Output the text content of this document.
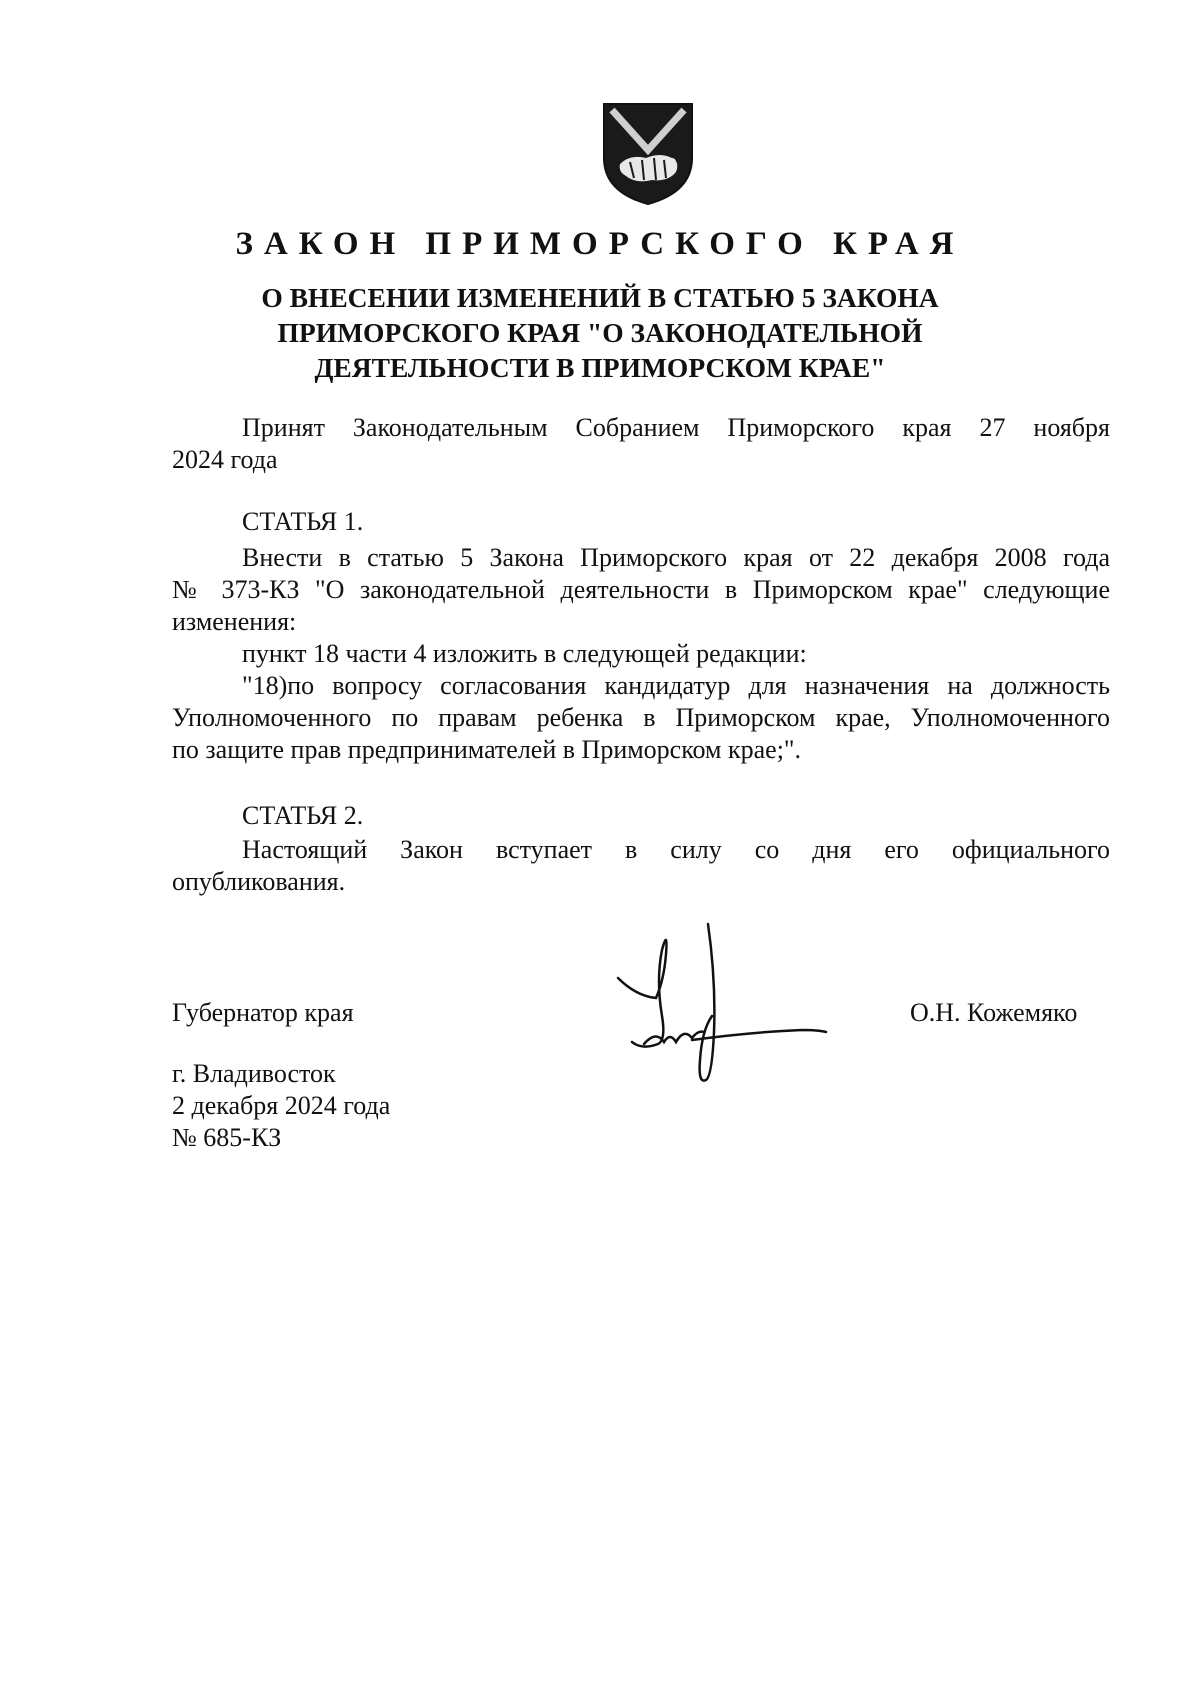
ЗАКОН ПРИМОРСКОГО КРАЯ
О ВНЕСЕНИИ ИЗМЕНЕНИЙ В СТАТЬЮ 5 ЗАКОНА
ПРИМОРСКОГО КРАЯ "О ЗАКОНОДАТЕЛЬНОЙ
ДЕЯТЕЛЬНОСТИ В ПРИМОРСКОМ КРАЕ"
Принят Законодательным Собранием Приморского края 27 ноября
2024 года
СТАТЬЯ 1.
Внести в статью 5 Закона Приморского края от 22 декабря 2008 года
№ 373-КЗ "О законодательной деятельности в Приморском крае" следующие
изменения:
пункт 18 части 4 изложить в следующей редакции:
"18)по вопросу согласования кандидатур для назначения на должность
Уполномоченного по правам ребенка в Приморском крае, Уполномоченного
по защите прав предпринимателей в Приморском крае;".
СТАТЬЯ 2.
Настоящий Закон вступает в силу со дня его официального
опубликования.
Губернатор края	О.Н. Кожемяко
г. Владивосток
2 декабря 2024 года
№ 685-КЗ
